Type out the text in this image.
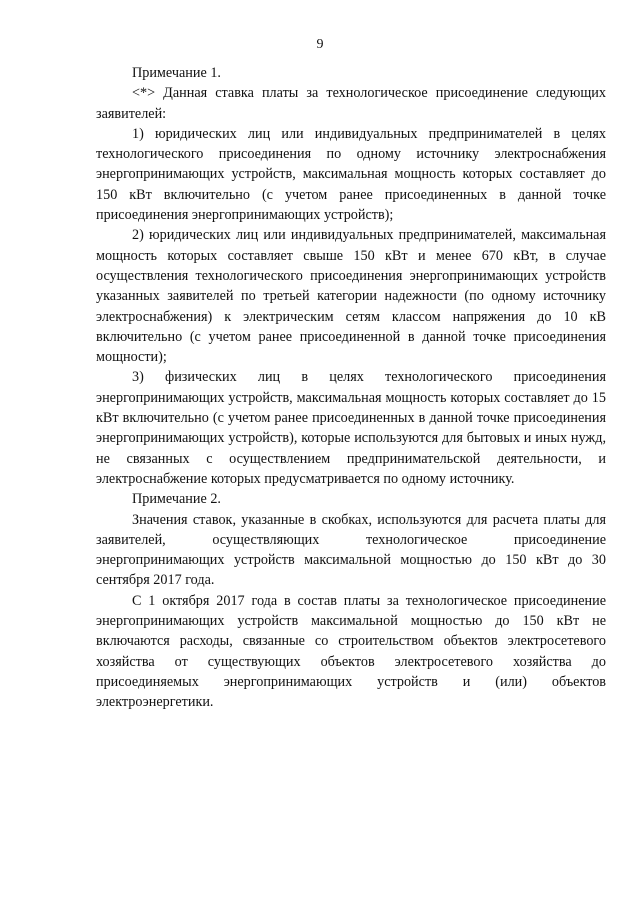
9

Примечание 1.

<*> Данная ставка платы за технологическое присоединение следующих заявителей:

1) юридических лиц или индивидуальных предпринимателей в целях технологического присоединения по одному источнику электроснабжения энергопринимающих устройств, максимальная мощность которых составляет до 150 кВт включительно (с учетом ранее присоединенных в данной точке присоединения энергопринимающих устройств);

2) юридических лиц или индивидуальных предпринимателей, максимальная мощность которых составляет свыше 150 кВт и менее 670 кВт, в случае осуществления технологического присоединения энергопринимающих устройств указанных заявителей по третьей категории надежности (по одному источнику электроснабжения) к электрическим сетям классом напряжения до 10 кВ включительно (с учетом ранее присоединенной в данной точке присоединения мощности);

3) физических лиц в целях технологического присоединения энергопринимающих устройств, максимальная мощность которых составляет до 15 кВт включительно (с учетом ранее присоединенных в данной точке присоединения энергопринимающих устройств), которые используются для бытовых и иных нужд, не связанных с осуществлением предпринимательской деятельности, и электроснабжение которых предусматривается по одному источнику.

Примечание 2.

Значения ставок, указанные в скобках, используются для расчета платы для заявителей, осуществляющих технологическое присоединение энергопринимающих устройств максимальной мощностью до 150 кВт до 30 сентября 2017 года.

С 1 октября 2017 года в состав платы за технологическое присоединение энергопринимающих устройств максимальной мощностью до 150 кВт не включаются расходы, связанные со строительством объектов электросетевого хозяйства от существующих объектов электросетевого хозяйства до присоединяемых энергопринимающих устройств и (или) объектов электроэнергетики.
